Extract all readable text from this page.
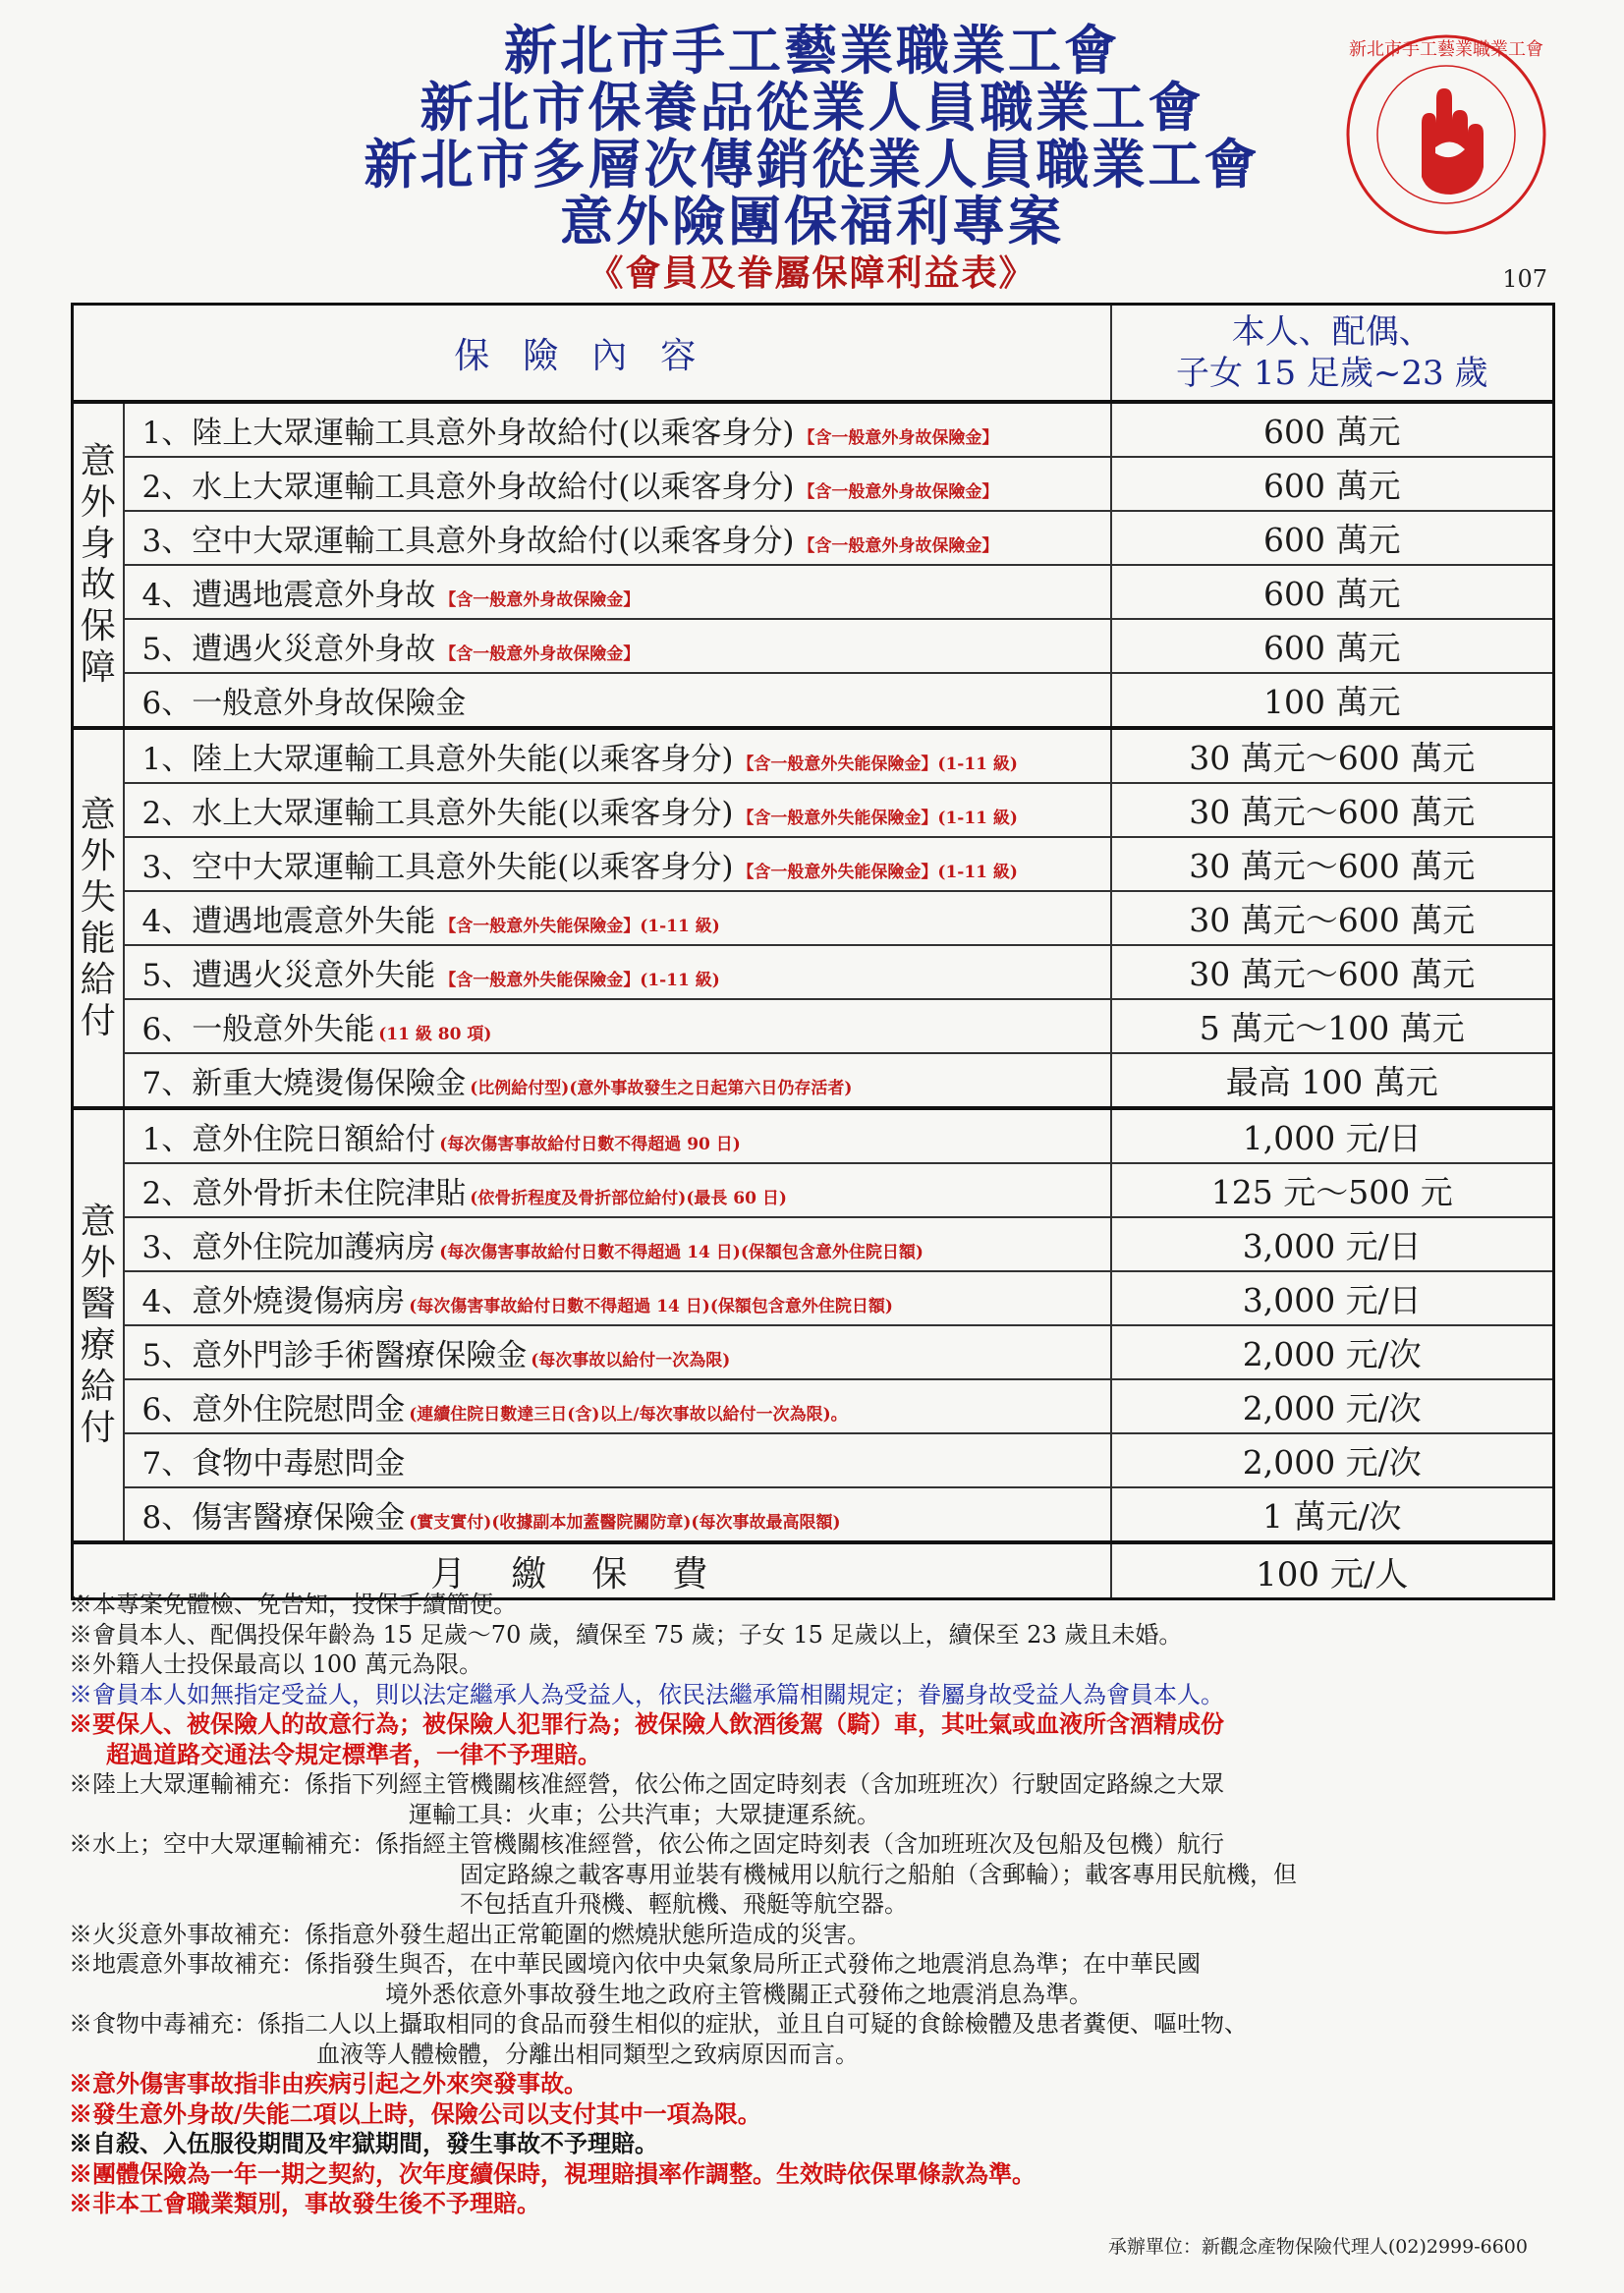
新北市手工藝業職業工會
新北市保養品從業人員職業工會
新北市多層次傳銷從業人員職業工會
意外險團保福利專案
《會員及眷屬保障利益表》	107
新北市手工藝業職業工會
保險內容		本人、配偶、
子女 15 足歲~23 歲

意外身故保障	1、陸上大眾運輸工具意外身故給付(以乘客身分) 【含一般意外身故保險金】	600 萬元
	2、水上大眾運輸工具意外身故給付(以乘客身分) 【含一般意外身故保險金】	600 萬元
	3、空中大眾運輸工具意外身故給付(以乘客身分) 【含一般意外身故保險金】	600 萬元
	4、遭遇地震意外身故 【含一般意外身故保險金】	600 萬元
	5、遭遇火災意外身故 【含一般意外身故保險金】	600 萬元
	6、一般意外身故保險金	100 萬元

意外失能給付	1、陸上大眾運輸工具意外失能(以乘客身分) 【含一般意外失能保險金】(1-11 級)	30 萬元～600 萬元
	2、水上大眾運輸工具意外失能(以乘客身分) 【含一般意外失能保險金】(1-11 級)	30 萬元～600 萬元
	3、空中大眾運輸工具意外失能(以乘客身分) 【含一般意外失能保險金】(1-11 級)	30 萬元～600 萬元
	4、遭遇地震意外失能 【含一般意外失能保險金】(1-11 級)	30 萬元～600 萬元
	5、遭遇火災意外失能 【含一般意外失能保險金】(1-11 級)	30 萬元～600 萬元
	6、一般意外失能 (11 級 80 項)	5 萬元～100 萬元
	7、新重大燒燙傷保險金 (比例給付型)(意外事故發生之日起第六日仍存活者)	最高 100 萬元

意外醫療給付	1、意外住院日額給付 (每次傷害事故給付日數不得超過 90 日)	1,000 元/日
	2、意外骨折未住院津貼 (依骨折程度及骨折部位給付)(最長 60 日)	125 元～500 元
	3、意外住院加護病房 (每次傷害事故給付日數不得超過 14 日)(保額包含意外住院日額)	3,000 元/日
	4、意外燒燙傷病房 (每次傷害事故給付日數不得超過 14 日)(保額包含意外住院日額)	3,000 元/日
	5、意外門診手術醫療保險金 (每次事故以給付一次為限)	2,000 元/次
	6、意外住院慰問金 (連續住院日數達三日(含)以上/每次事故以給付一次為限)。	2,000 元/次
	7、食物中毒慰問金	2,000 元/次
	8、傷害醫療保險金 (實支實付)(收據副本加蓋醫院關防章)(每次事故最高限額)	1 萬元/次
月繳保費		100 元/人
※本專案免體檢、免告知，投保手續簡便。
※會員本人、配偶投保年齡為 15 足歲～70 歲，續保至 75 歲；子女 15 足歲以上，續保至 23 歲且未婚。
※外籍人士投保最高以 100 萬元為限。
※會員本人如無指定受益人，則以法定繼承人為受益人，依民法繼承篇相關規定；眷屬身故受益人為會員本人。
※要保人、被保險人的故意行為；被保險人犯罪行為；被保險人飲酒後駕（騎）車，其吐氣或血液所含酒精成份
超過道路交通法令規定標準者，一律不予理賠。
※陸上大眾運輸補充：係指下列經主管機關核准經營，依公佈之固定時刻表（含加班班次）行駛固定路線之大眾
運輸工具：火車；公共汽車；大眾捷運系統。
※水上；空中大眾運輸補充：係指經主管機關核准經營，依公佈之固定時刻表（含加班班次及包船及包機）航行
固定路線之載客專用並裝有機械用以航行之船舶（含郵輪）；載客專用民航機，但
不包括直升飛機、輕航機、飛艇等航空器。
※火災意外事故補充：係指意外發生超出正常範圍的燃燒狀態所造成的災害。
※地震意外事故補充：係指發生與否，在中華民國境內依中央氣象局所正式發佈之地震消息為準；在中華民國
境外悉依意外事故發生地之政府主管機關正式發佈之地震消息為準。
※食物中毒補充：係指二人以上攝取相同的食品而發生相似的症狀，並且自可疑的食餘檢體及患者糞便、嘔吐物、
血液等人體檢體，分離出相同類型之致病原因而言。
※意外傷害事故指非由疾病引起之外來突發事故。
※發生意外身故/失能二項以上時，保險公司以支付其中一項為限。
※自殺、入伍服役期間及牢獄期間，發生事故不予理賠。
※團體保險為一年一期之契約，次年度續保時，視理賠損率作調整。生效時依保單條款為準。
※非本工會職業類別，事故發生後不予理賠。
承辦單位：新觀念產物保險代理人(02)2999-6600
